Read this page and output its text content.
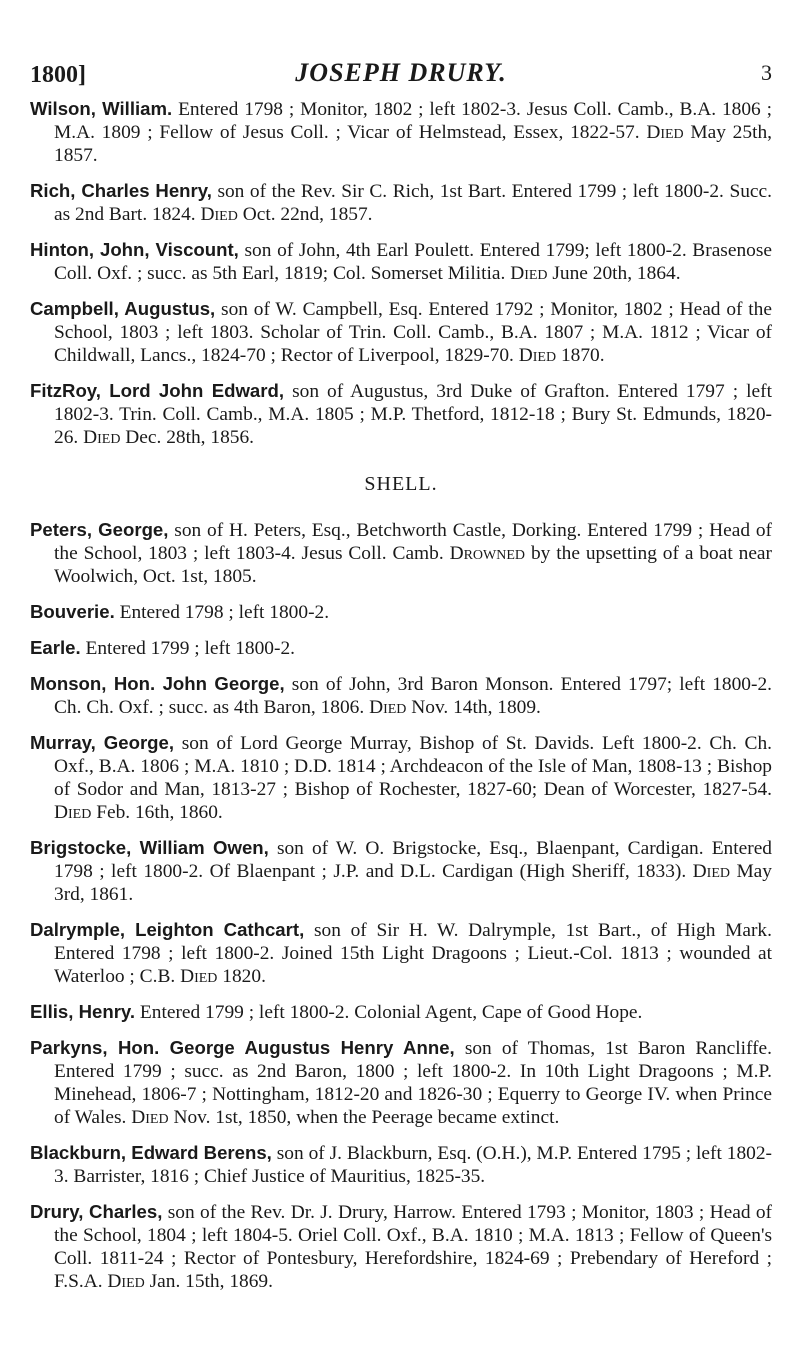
1800]	JOSEPH DRURY.	3

Wilson, William. Entered 1798 ; Monitor, 1802 ; left 1802-3. Jesus Coll. Camb., B.A. 1806 ; M.A. 1809 ; Fellow of Jesus Coll. ; Vicar of Helmstead, Essex, 1822-57. Died May 25th, 1857.

Rich, Charles Henry, son of the Rev. Sir C. Rich, 1st Bart. Entered 1799 ; left 1800-2. Succ. as 2nd Bart. 1824. Died Oct. 22nd, 1857.

Hinton, John, Viscount, son of John, 4th Earl Poulett. Entered 1799; left 1800-2. Brasenose Coll. Oxf. ; succ. as 5th Earl, 1819; Col. Somerset Militia. Died June 20th, 1864.

Campbell, Augustus, son of W. Campbell, Esq. Entered 1792 ; Monitor, 1802 ; Head of the School, 1803 ; left 1803. Scholar of Trin. Coll. Camb., B.A. 1807 ; M.A. 1812 ; Vicar of Childwall, Lancs., 1824-70 ; Rector of Liverpool, 1829-70. Died 1870.

FitzRoy, Lord John Edward, son of Augustus, 3rd Duke of Grafton. Entered 1797 ; left 1802-3. Trin. Coll. Camb., M.A. 1805 ; M.P. Thetford, 1812-18 ; Bury St. Edmunds, 1820-26. Died Dec. 28th, 1856.

SHELL.

Peters, George, son of H. Peters, Esq., Betchworth Castle, Dorking. Entered 1799 ; Head of the School, 1803 ; left 1803-4. Jesus Coll. Camb. Drowned by the upsetting of a boat near Woolwich, Oct. 1st, 1805.

Bouverie. Entered 1798 ; left 1800-2.

Earle. Entered 1799 ; left 1800-2.

Monson, Hon. John George, son of John, 3rd Baron Monson. Entered 1797; left 1800-2. Ch. Ch. Oxf. ; succ. as 4th Baron, 1806. Died Nov. 14th, 1809.

Murray, George, son of Lord George Murray, Bishop of St. Davids. Left 1800-2. Ch. Ch. Oxf., B.A. 1806 ; M.A. 1810 ; D.D. 1814 ; Archdeacon of the Isle of Man, 1808-13 ; Bishop of Sodor and Man, 1813-27 ; Bishop of Rochester, 1827-60; Dean of Worcester, 1827-54. Died Feb. 16th, 1860.

Brigstocke, William Owen, son of W. O. Brigstocke, Esq., Blaenpant, Cardigan. Entered 1798 ; left 1800-2. Of Blaenpant ; J.P. and D.L. Cardigan (High Sheriff, 1833). Died May 3rd, 1861.

Dalrymple, Leighton Cathcart, son of Sir H. W. Dalrymple, 1st Bart., of High Mark. Entered 1798 ; left 1800-2. Joined 15th Light Dragoons ; Lieut.-Col. 1813 ; wounded at Waterloo ; C.B. Died 1820.

Ellis, Henry. Entered 1799 ; left 1800-2. Colonial Agent, Cape of Good Hope.

Parkyns, Hon. George Augustus Henry Anne, son of Thomas, 1st Baron Rancliffe. Entered 1799 ; succ. as 2nd Baron, 1800 ; left 1800-2. In 10th Light Dragoons ; M.P. Minehead, 1806-7 ; Nottingham, 1812-20 and 1826-30 ; Equerry to George IV. when Prince of Wales. Died Nov. 1st, 1850, when the Peerage became extinct.

Blackburn, Edward Berens, son of J. Blackburn, Esq. (O.H.), M.P. Entered 1795 ; left 1802-3. Barrister, 1816 ; Chief Justice of Mauritius, 1825-35.

Drury, Charles, son of the Rev. Dr. J. Drury, Harrow. Entered 1793 ; Monitor, 1803 ; Head of the School, 1804 ; left 1804-5. Oriel Coll. Oxf., B.A. 1810 ; M.A. 1813 ; Fellow of Queen's Coll. 1811-24 ; Rector of Pontesbury, Herefordshire, 1824-69 ; Prebendary of Hereford ; F.S.A. Died Jan. 15th, 1869.
